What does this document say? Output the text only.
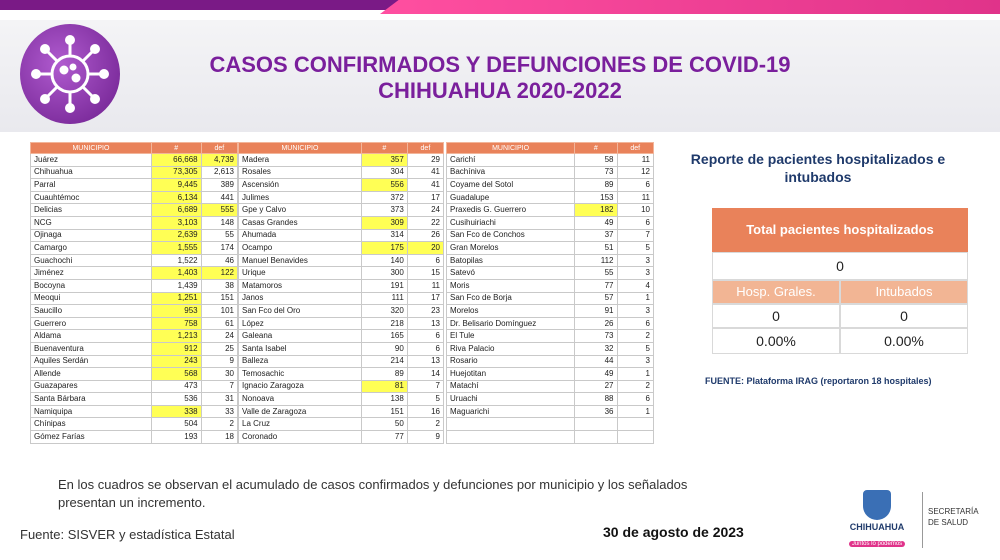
CASOS CONFIRMADOS Y DEFUNCIONES DE COVID-19
CHIHUAHUA 2020-2022
MUNICIPIO	#	def
Juárez	66,668	4,739
Chihuahua	73,305	2,613
Parral	9,445	389
Cuauhtémoc	6,134	441
Delicias	6,689	555
NCG	3,103	148
Ojinaga	2,639	55
Camargo	1,555	174
Guachochi	1,522	46
Jiménez	1,403	122
Bocoyna	1,439	38
Meoqui	1,251	151
Saucillo	953	101
Guerrero	758	61
Aldama	1,213	24
Buenaventura	912	25
Aquiles Serdán	243	9
Allende	568	30
Guazapares	473	7
Santa Bárbara	536	31
Namiquipa	338	33
Chínipas	504	2
Gómez Farías	193	18
MUNICIPIO	#	def
Madera	357	29
Rosales	304	41
Ascensión	556	41
Julimes	372	17
Gpe y Calvo	373	24
Casas Grandes	309	22
Ahumada	314	26
Ocampo	175	20
Manuel Benavides	140	6
Urique	300	15
Matamoros	191	11
Janos	111	17
San Fco del Oro	320	23
López	218	13
Galeana	165	6
Santa Isabel	90	6
Balleza	214	13
Temosachic	89	14
Ignacio Zaragoza	81	7
Nonoava	138	5
Valle de Zaragoza	151	16
La Cruz	50	2
Coronado	77	9
MUNICIPIO	#	def
Carichí	58	11
Bachíniva	73	12
Coyame del Sotol	89	6
Guadalupe	153	11
Praxedis G. Guerrero	182	10
Cusihuiriachi	49	6
San Fco de Conchos	37	7
Gran Morelos	51	5
Batopilas	112	3
Satevó	55	3
Moris	77	4
San Fco de Borja	57	1
Morelos	91	3
Dr. Belisario Domínguez	26	6
El Tule	73	2
Riva Palacio	32	5
Rosario	44	3
Huejotitan	49	1
Matachí	27	2
Uruachi	88	6
Maguarichi	36	1

Reporte de pacientes hospitalizados e intubados
Total pacientes hospitalizados
0
Hosp. Grales.	Intubados
0	0
0.00%	0.00%
FUENTE: Plataforma IRAG (reportaron 18 hospitales)
En los cuadros se observan el acumulado de casos confirmados y defunciones por municipio y los señalados presentan un incremento.
Fuente: SISVER y estadística Estatal	30 de agosto de 2023	CHIHUAHUA
Juntos lo podemos
SECRETARÍA
DE SALUD
